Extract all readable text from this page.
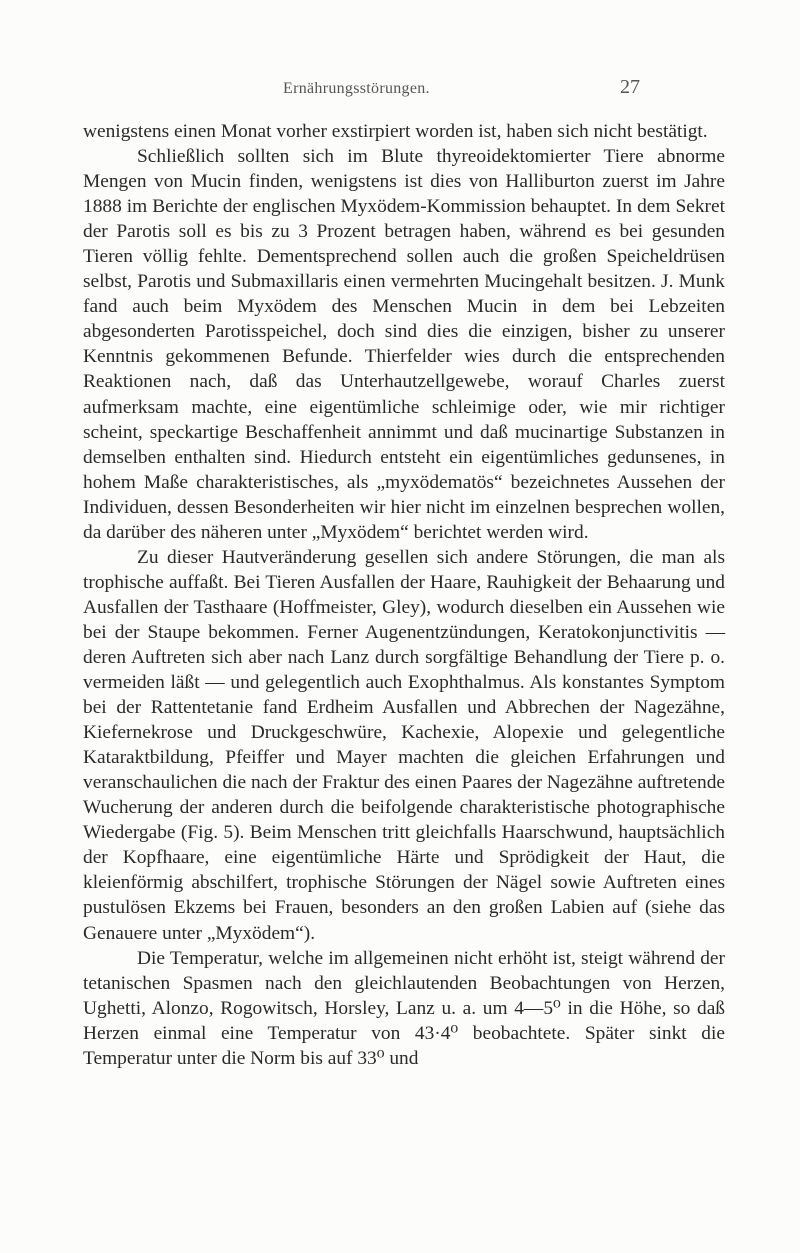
Ernährungsstörungen.	27

wenigstens einen Monat vorher exstirpiert worden ist, haben sich nicht bestätigt.

Schließlich sollten sich im Blute thyreoidektomierter Tiere abnorme Mengen von Mucin finden, wenigstens ist dies von Halliburton zuerst im Jahre 1888 im Berichte der englischen Myxödem-Kommission behauptet. In dem Sekret der Parotis soll es bis zu 3 Prozent betragen haben, während es bei gesunden Tieren völlig fehlte. Dementsprechend sollen auch die großen Speicheldrüsen selbst, Parotis und Submaxillaris einen vermehrten Mucingehalt besitzen. J. Munk fand auch beim Myxödem des Menschen Mucin in dem bei Lebzeiten abgesonderten Parotisspeichel, doch sind dies die einzigen, bisher zu unserer Kenntnis gekommenen Befunde. Thierfelder wies durch die entsprechenden Reaktionen nach, daß das Unterhautzellgewebe, worauf Charles zuerst aufmerksam machte, eine eigentümliche schleimige oder, wie mir richtiger scheint, speckartige Beschaffenheit annimmt und daß mucinartige Substanzen in demselben enthalten sind. Hiedurch entsteht ein eigentümliches gedunsenes, in hohem Maße charakteristisches, als „myxödematös“ bezeichnetes Aussehen der Individuen, dessen Besonderheiten wir hier nicht im einzelnen besprechen wollen, da darüber des näheren unter „Myxödem“ berichtet werden wird.

Zu dieser Hautveränderung gesellen sich andere Störungen, die man als trophische auffaßt. Bei Tieren Ausfallen der Haare, Rauhigkeit der Behaarung und Ausfallen der Tasthaare (Hoffmeister, Gley), wodurch dieselben ein Aussehen wie bei der Staupe bekommen. Ferner Augenentzündungen, Keratokonjunctivitis — deren Auftreten sich aber nach Lanz durch sorgfältige Behandlung der Tiere p. o. vermeiden läßt — und gelegentlich auch Exophthalmus. Als konstantes Symptom bei der Rattentetanie fand Erdheim Ausfallen und Abbrechen der Nagezähne, Kiefernekrose und Druckgeschwüre, Kachexie, Alopexie und gelegentliche Kataraktbildung, Pfeiffer und Mayer machten die gleichen Erfahrungen und veranschaulichen die nach der Fraktur des einen Paares der Nagezähne auftretende Wucherung der anderen durch die beifolgende charakteristische photographische Wiedergabe (Fig. 5). Beim Menschen tritt gleichfalls Haarschwund, hauptsächlich der Kopfhaare, eine eigentümliche Härte und Sprödigkeit der Haut, die kleienförmig abschilfert, trophische Störungen der Nägel sowie Auftreten eines pustulösen Ekzems bei Frauen, besonders an den großen Labien auf (siehe das Genauere unter „Myxödem“).

Die Temperatur, welche im allgemeinen nicht erhöht ist, steigt während der tetanischen Spasmen nach den gleichlautenden Beobachtungen von Herzen, Ughetti, Alonzo, Rogowitsch, Horsley, Lanz u. a. um 4—5⁰ in die Höhe, so daß Herzen einmal eine Temperatur von 43·4⁰ beobachtete. Später sinkt die Temperatur unter die Norm bis auf 33⁰ und
